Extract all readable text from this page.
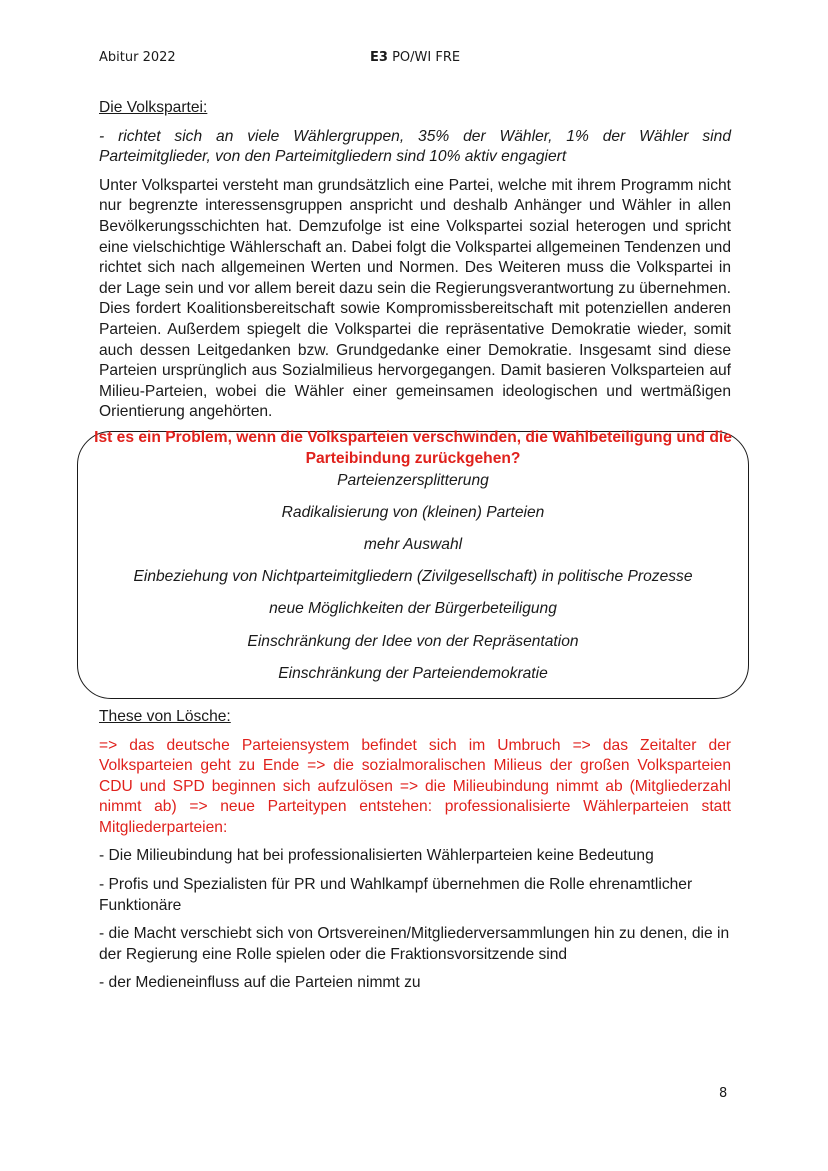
Abitur 2022	E3 PO/WI FRE
Die Volkspartei:

- richtet sich an viele Wählergruppen, 35% der Wähler, 1% der Wähler sind Parteimitglieder, von den Parteimitgliedern sind 10% aktiv engagiert

Unter Volkspartei versteht man grundsätzlich eine Partei, welche mit ihrem Programm nicht nur begrenzte interessensgruppen anspricht und deshalb Anhänger und Wähler in allen Bevölkerungsschichten hat. Demzufolge ist eine Volkspartei sozial heterogen und spricht eine vielschichtige Wählerschaft an. Dabei folgt die Volkspartei allgemeinen Tendenzen und richtet sich nach allgemeinen Werten und Normen. Des Weiteren muss die Volkspartei in der Lage sein und vor allem bereit dazu sein die Regierungsverantwortung zu übernehmen. Dies fordert Koalitionsbereitschaft sowie Kompromissbereitschaft mit potenziellen anderen Parteien. Außerdem spiegelt die Volkspartei die repräsentative Demokratie wieder, somit auch dessen Leitgedanken bzw. Grundgedanke einer Demokratie. Insgesamt sind diese Parteien ursprünglich aus Sozialmilieus hervorgegangen. Damit basieren Volksparteien auf Milieu-Parteien, wobei die Wähler einer gemeinsamen ideologischen und wertmäßigen Orientierung angehörten.

Ist es ein Problem, wenn die Volksparteien verschwinden, die Wahlbeteiligung und die Parteibindung zurückgehen?
Parteienzersplitterung
Radikalisierung von (kleinen) Parteien
mehr Auswahl
Einbeziehung von Nichtparteimitgliedern (Zivilgesellschaft) in politische Prozesse
neue Möglichkeiten der Bürgerbeteiligung
Einschränkung der Idee von der Repräsentation
Einschränkung der Parteiendemokratie
These von Lösche:

=> das deutsche Parteiensystem befindet sich im Umbruch => das Zeitalter der Volksparteien geht zu Ende => die sozialmoralischen Milieus der großen Volksparteien CDU und SPD beginnen sich aufzulösen => die Milieubindung nimmt ab (Mitgliederzahl nimmt ab) => neue Parteitypen entstehen: professionalisierte Wählerparteien statt Mitgliederparteien:

- Die Milieubindung hat bei professionalisierten Wählerparteien keine Bedeutung

- Profis und Spezialisten für PR und Wahlkampf übernehmen die Rolle ehrenamtlicher Funktionäre

- die Macht verschiebt sich von Ortsvereinen/Mitgliederversammlungen hin zu denen, die in der Regierung eine Rolle spielen oder die Fraktionsvorsitzende sind

- der Medieneinfluss auf die Parteien nimmt zu

8
